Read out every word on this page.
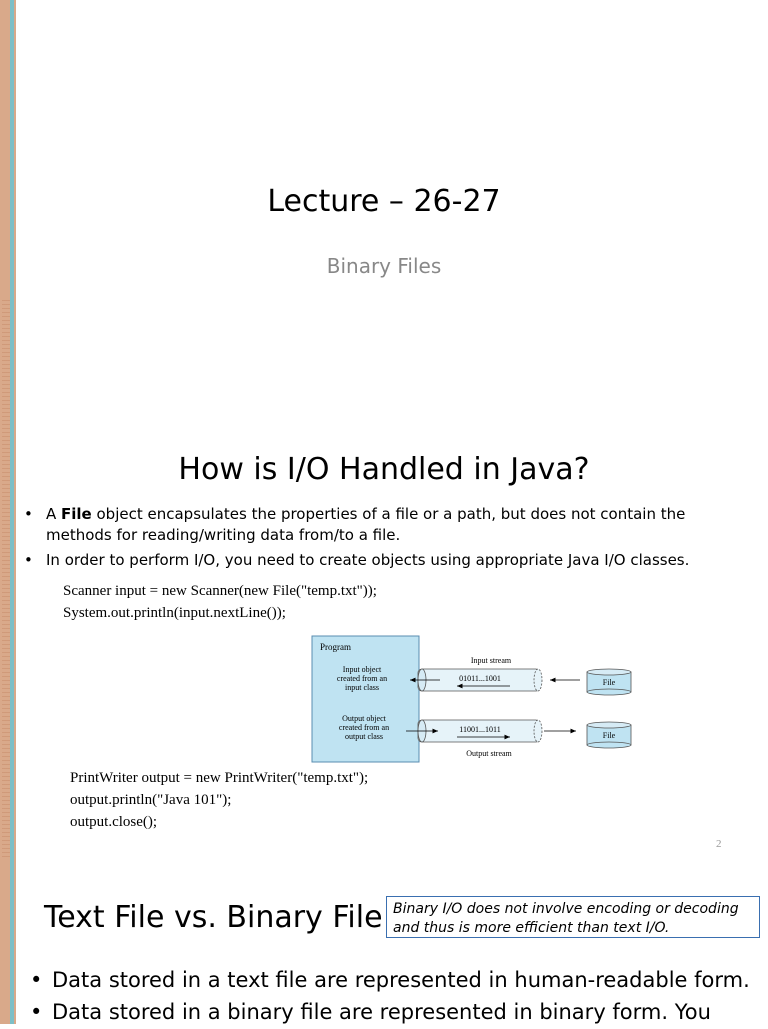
Lecture – 26-27
Binary Files
How is I/O Handled in Java?
• A File object encapsulates the properties of a file or a path, but does not contain the methods for reading/writing data from/to a file.
• In order to perform I/O, you need to create objects using appropriate Java I/O classes.
Scanner input = new Scanner(new File("temp.txt"));
System.out.println(input.nextLine());
Program
Input object
created from an
input class
Output object
created from an
output class
Input stream
01011...1001	File
11001...1011
File
Output stream
PrintWriter output = new PrintWriter("temp.txt");
output.println("Java 101");
output.close();
2
Text File vs. Binary File Binary I/O does not involve encoding or decoding and thus is more efficient than text I/O.
• Data stored in a text file are represented in human-readable form.
• Data stored in a binary file are represented in binary form. You
